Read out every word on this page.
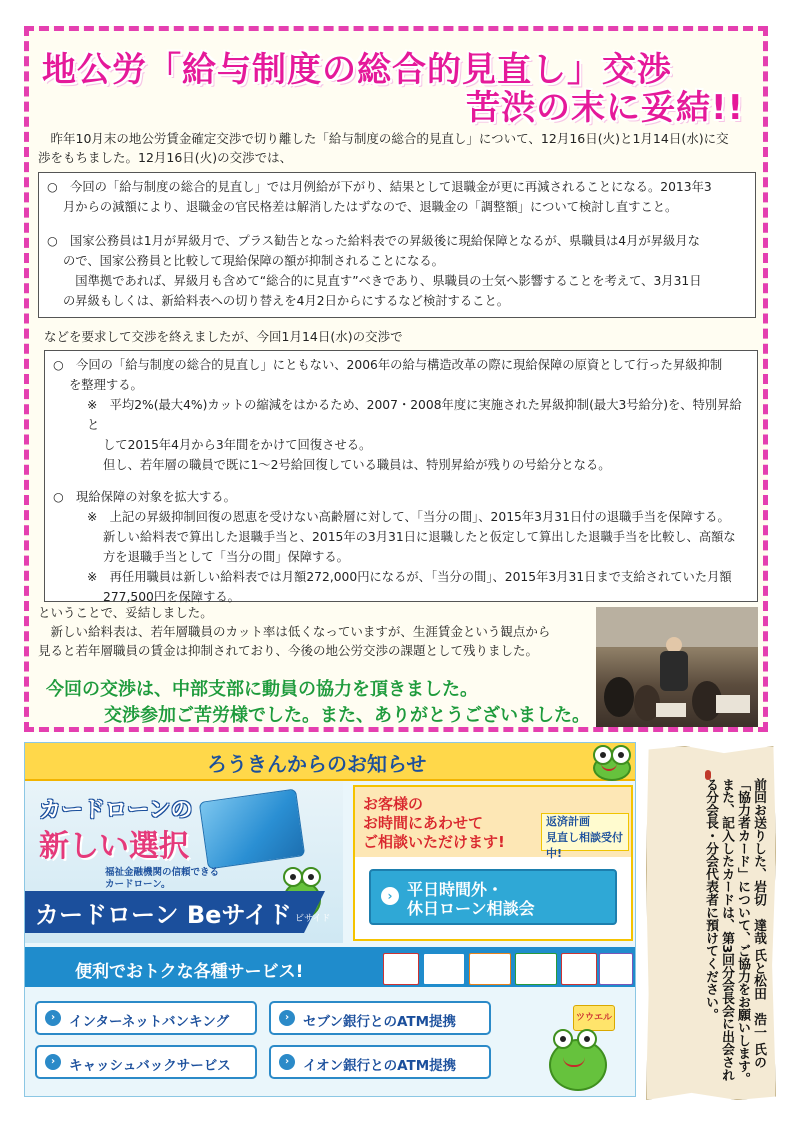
地公労「給与制度の総合的見直し」交渉
苦渋の末に妥結!!
　昨年10月末の地公労賃金確定交渉で切り離した「給与制度の総合的見直し」について、12月16日(火)と1月14日(水)に交
渉をもちました。12月16日(火)の交渉では、
○　今回の「給与制度の総合的見直し」では月例給が下がり、結果として退職金が更に再減されることになる。2013年3
月からの減額により、退職金の官民格差は解消したはずなので、退職金の「調整額」について検討し直すこと。
○　国家公務員は1月が昇級月で、プラス勧告となった給料表での昇級後に現給保障となるが、県職員は4月が昇級月な
ので、国家公務員と比較して現給保障の額が抑制されることになる。
　国準拠であれば、昇級月も含めて“総合的に見直す”べきであり、県職員の士気へ影響することを考えて、3月31日
の昇級もしくは、新給料表への切り替えを4月2日からにするなど検討すること。
などを要求して交渉を終えましたが、今回1月14日(水)の交渉で
○　今回の「給与制度の総合的見直し」にともない、2006年の給与構造改革の際に現給保障の原資として行った昇級抑制
を整理する。
※　平均2%(最大4%)カットの縮減をはかるため、2007・2008年度に実施された昇級抑制(最大3号給分)を、特別昇給と
して2015年4月から3年間をかけて回復させる。
但し、若年層の職員で既に1〜2号給回復している職員は、特別昇給が残りの号給分となる。
○　現給保障の対象を拡大する。
※　上記の昇級抑制回復の恩恵を受けない高齢層に対して、「当分の間」、2015年3月31日付の退職手当を保障する。
新しい給料表で算出した退職手当と、2015年の3月31日に退職したと仮定して算出した退職手当を比較し、高額な
方を退職手当として「当分の間」保障する。
※　再任用職員は新しい給料表では月額272,000円になるが、「当分の間」、2015年3月31日まで支給されていた月額
277,500円を保障する。
ということで、妥結しました。
　新しい給料表は、若年層職員のカット率は低くなっていますが、生涯賃金という観点から
見ると若年層職員の賃金は抑制されており、今後の地公労交渉の課題として残りました。
今回の交渉は、中部支部に動員の協力を頂きました。
交渉参加ご苦労様でした。また、ありがとうございました。
ろうきんからのお知らせ
カードローンの
新しい選択
福祉金融機関の信頼できる
カードローン。
カードローン Beサイド ビサイド
お客様の
お時間にあわせて
ご相談いただけます!
返済計画
見直し相談受付中!
› 平日時間外・
休日ローン相談会
便利でおトクな各種サービス!
›	インターネットバンキング	›	セブン銀行とのATM提携
›	キャッシュバックサービス	›	イオン銀行とのATM提携
ツウエル	前回お送りした、岩切　達哉 氏と松田　浩一 氏の「協力者カード」について、ご協力をお願いします。また、記入したカードは、第3回分会長会に出会される分会長・分会代表者に預けてください。
